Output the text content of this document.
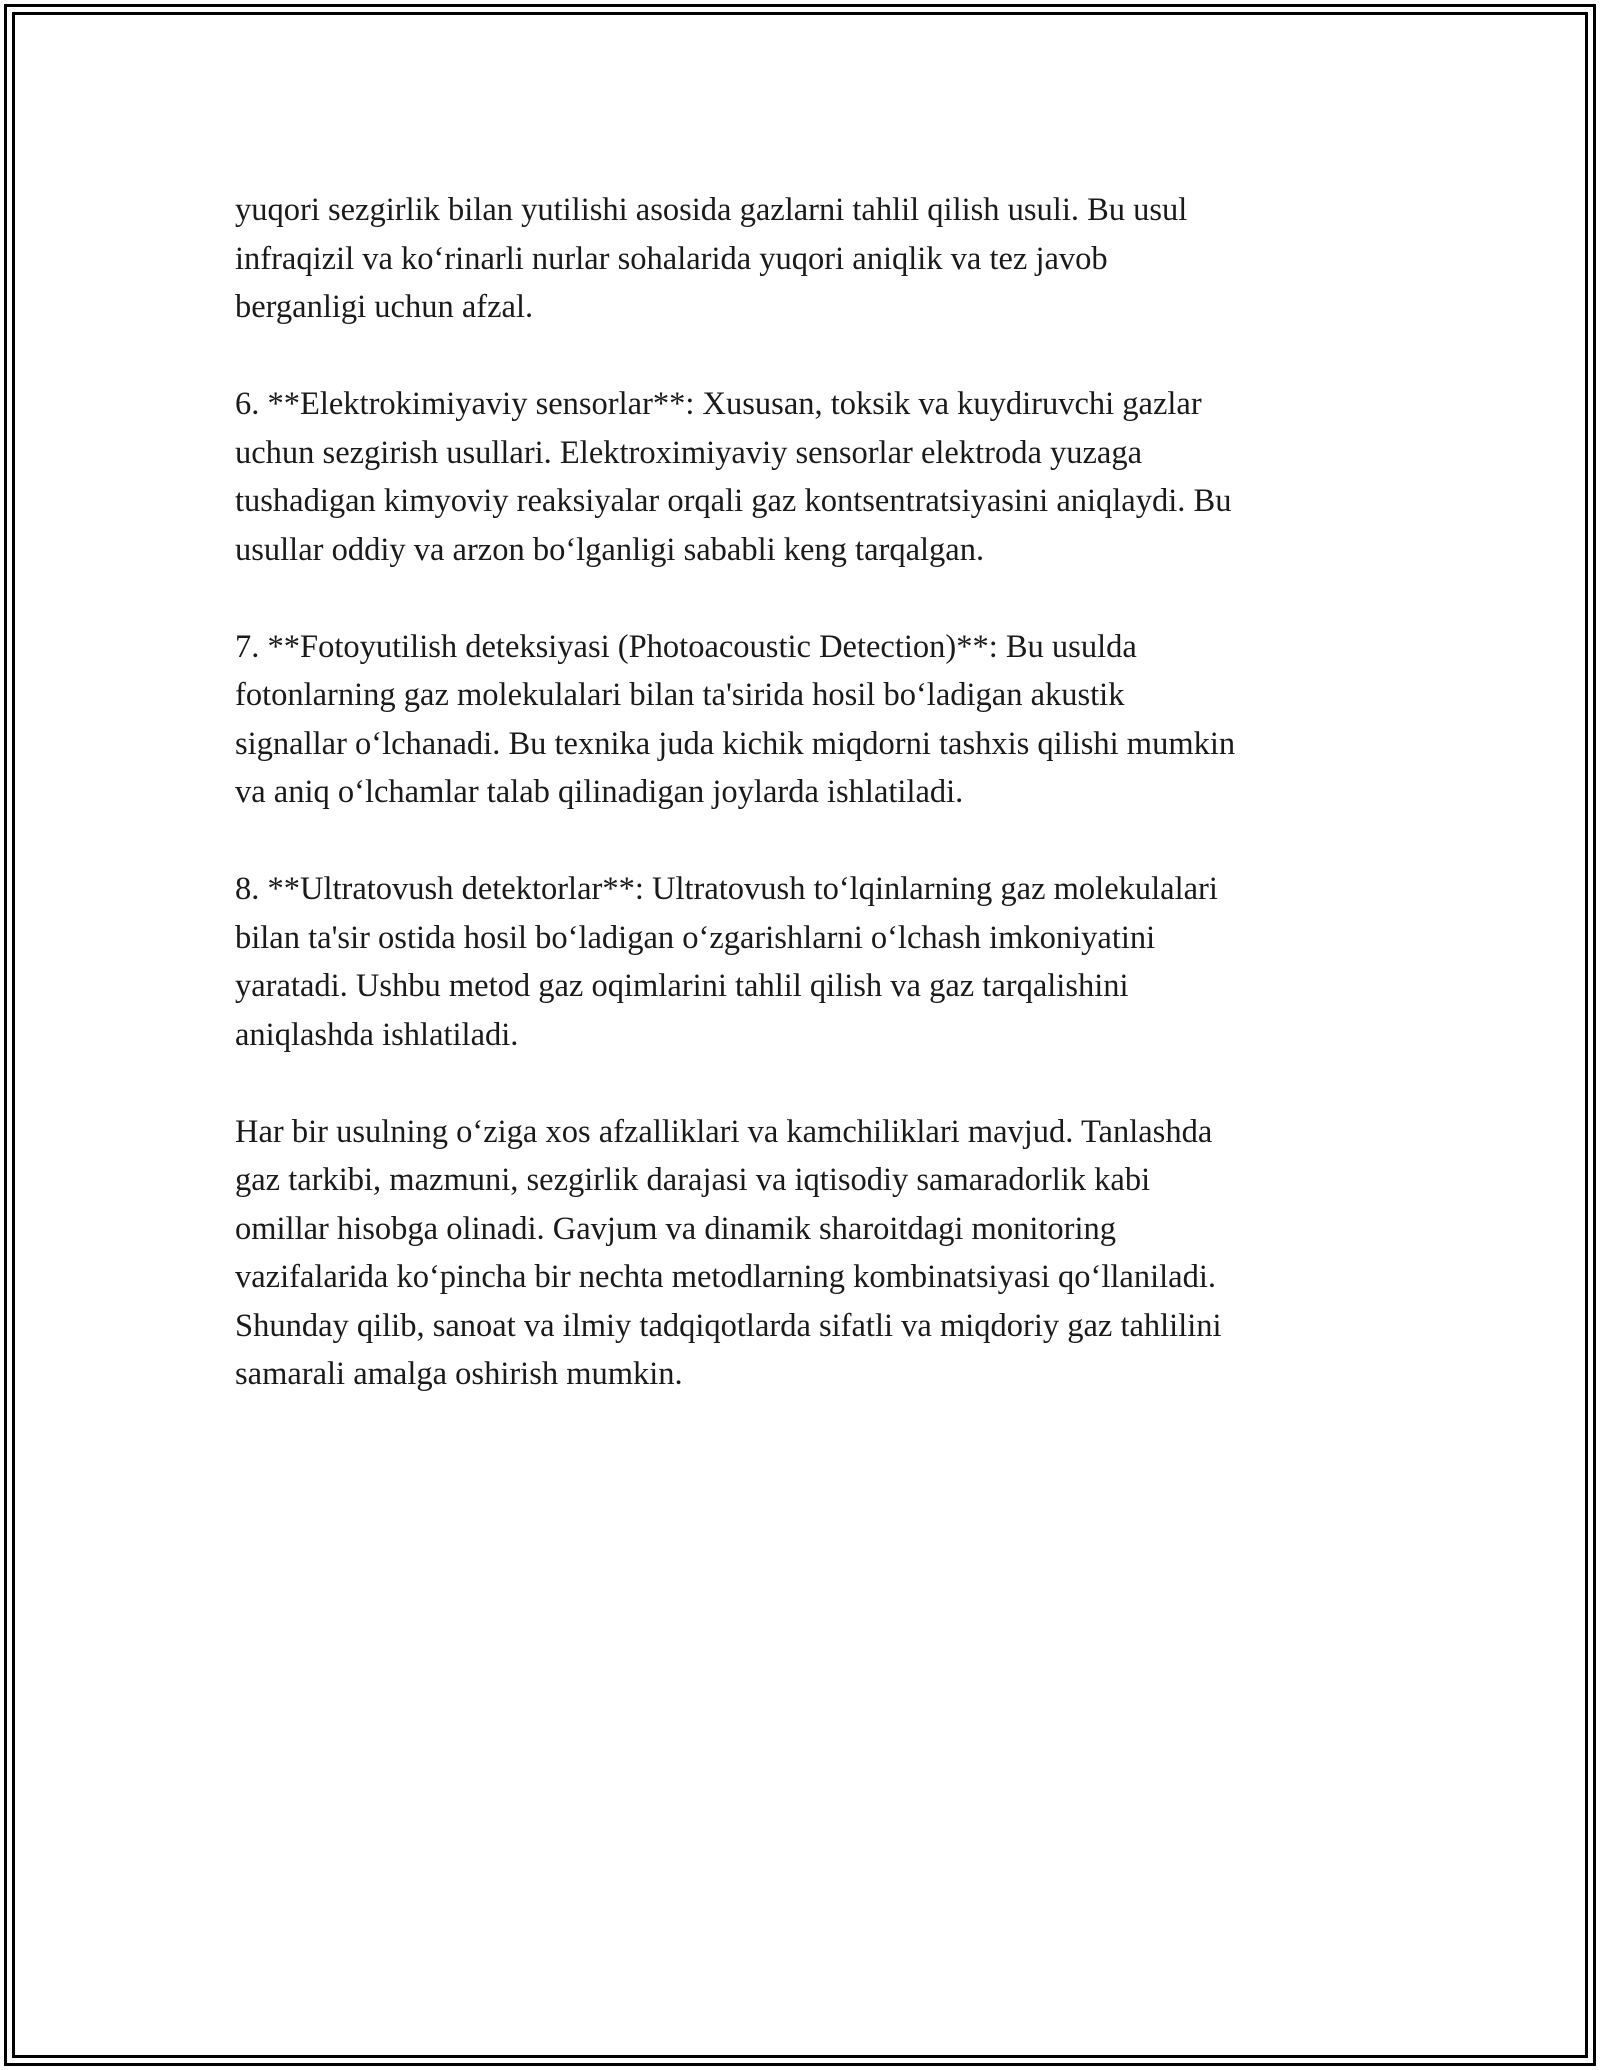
yuqori sezgirlik bilan yutilishi asosida gazlarni tahlil qilish usuli. Bu usul
infraqizil va ko‘rinarli nurlar sohalarida yuqori aniqlik va tez javob
berganligi uchun afzal.

6. **Elektrokimiyaviy sensorlar**: Xususan, toksik va kuydiruvchi gazlar
uchun sezgirish usullari. Elektroximiyaviy sensorlar elektroda yuzaga
tushadigan kimyoviy reaksiyalar orqali gaz kontsentratsiyasini aniqlaydi. Bu
usullar oddiy va arzon bo‘lganligi sababli keng tarqalgan.

7. **Fotoyutilish deteksiyasi (Photoacoustic Detection)**: Bu usulda
fotonlarning gaz molekulalari bilan ta'sirida hosil bo‘ladigan akustik
signallar o‘lchanadi. Bu texnika juda kichik miqdorni tashxis qilishi mumkin
va aniq o‘lchamlar talab qilinadigan joylarda ishlatiladi.

8. **Ultratovush detektorlar**: Ultratovush to‘lqinlarning gaz molekulalari
bilan ta'sir ostida hosil bo‘ladigan o‘zgarishlarni o‘lchash imkoniyatini
yaratadi. Ushbu metod gaz oqimlarini tahlil qilish va gaz tarqalishini
aniqlashda ishlatiladi.

Har bir usulning o‘ziga xos afzalliklari va kamchiliklari mavjud. Tanlashda
gaz tarkibi, mazmuni, sezgirlik darajasi va iqtisodiy samaradorlik kabi
omillar hisobga olinadi. Gavjum va dinamik sharoitdagi monitoring
vazifalarida ko‘pincha bir nechta metodlarning kombinatsiyasi qo‘llaniladi.
Shunday qilib, sanoat va ilmiy tadqiqotlarda sifatli va miqdoriy gaz tahlilini
samarali amalga oshirish mumkin.
